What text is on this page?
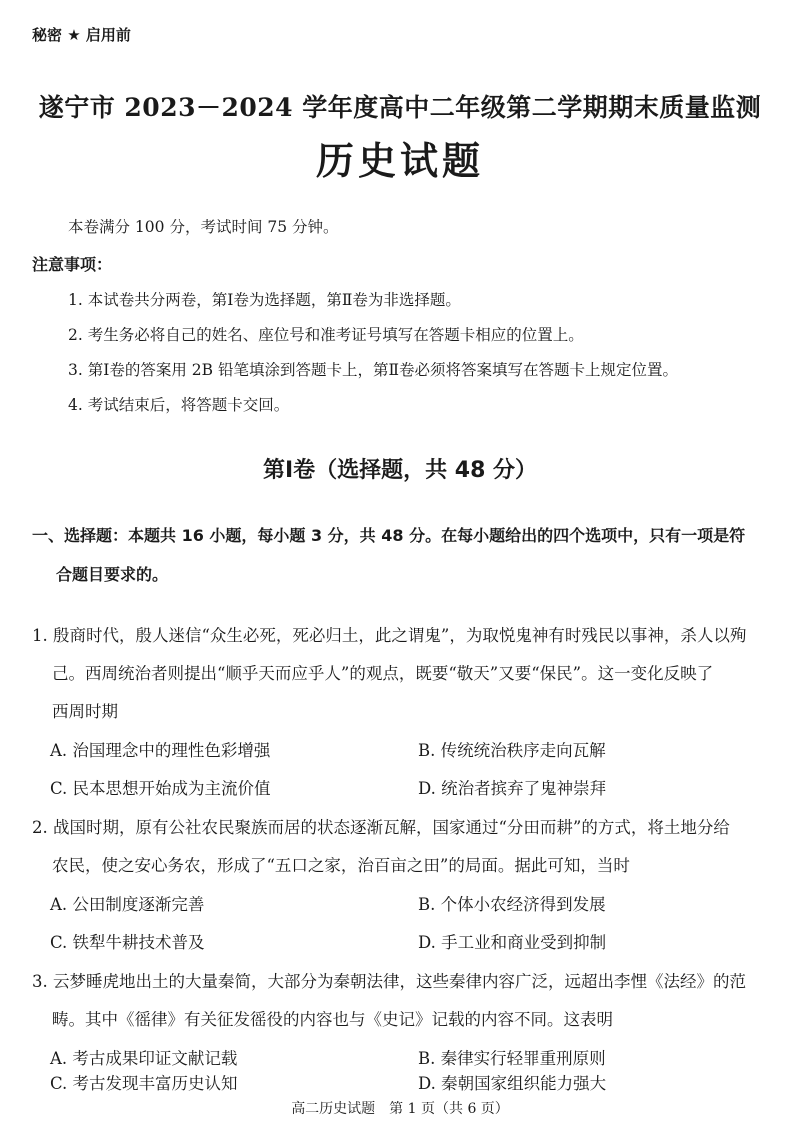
秘密 ★ 启用前
遂宁市 2023－2024 学年度高中二年级第二学期期末质量监测
历史试题
本卷满分 100 分，考试时间 75 分钟。
注意事项：
1. 本试卷共分两卷，第Ⅰ卷为选择题，第Ⅱ卷为非选择题。
2. 考生务必将自己的姓名、座位号和准考证号填写在答题卡相应的位置上。
3. 第Ⅰ卷的答案用 2B 铅笔填涂到答题卡上，第Ⅱ卷必须将答案填写在答题卡上规定位置。
4. 考试结束后，将答题卡交回。
第Ⅰ卷（选择题，共 48 分）
一、选择题：本题共 16 小题，每小题 3 分，共 48 分。在每小题给出的四个选项中，只有一项是符
合题目要求的。
1. 殷商时代，殷人迷信“众生必死，死必归土，此之谓鬼”，为取悦鬼神有时残民以事神，杀人以殉
己。西周统治者则提出“顺乎天而应乎人”的观点，既要“敬天”又要“保民”。这一变化反映了
西周时期
A. 治国理念中的理性色彩增强	B. 传统统治秩序走向瓦解
C. 民本思想开始成为主流价值	D. 统治者摈弃了鬼神崇拜
2. 战国时期，原有公社农民聚族而居的状态逐渐瓦解，国家通过“分田而耕”的方式，将土地分给
农民，使之安心务农，形成了“五口之家，治百亩之田”的局面。据此可知，当时
A. 公田制度逐渐完善	B. 个体小农经济得到发展
C. 铁犁牛耕技术普及	D. 手工业和商业受到抑制
3. 云梦睡虎地出土的大量秦简，大部分为秦朝法律，这些秦律内容广泛，远超出李悝《法经》的范
畴。其中《徭律》有关征发徭役的内容也与《史记》记载的内容不同。这表明
A. 考古成果印证文献记载	B. 秦律实行轻罪重刑原则
C. 考古发现丰富历史认知	D. 秦朝国家组织能力强大
高二历史试题　第 1 页（共 6 页）
